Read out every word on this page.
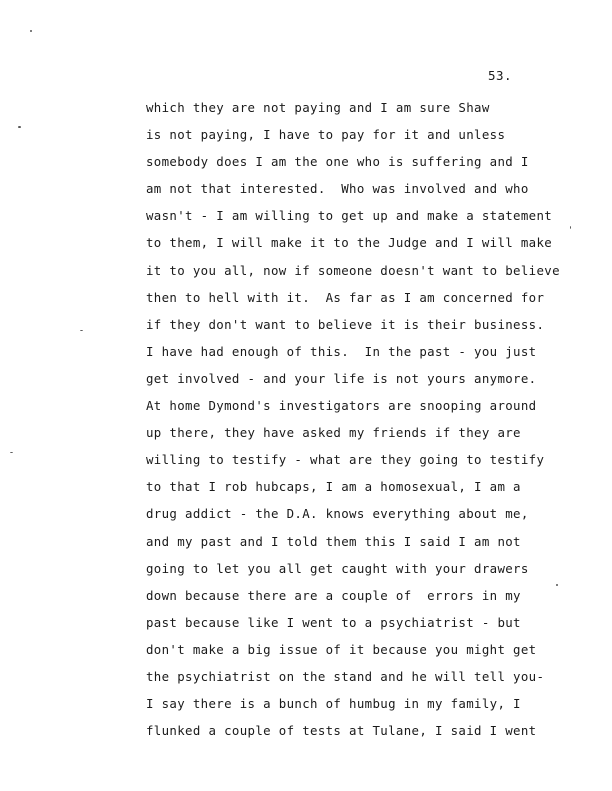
53.
which they are not paying and I am sure Shaw
is not paying, I have to pay for it and unless
somebody does I am the one who is suffering and I
am not that interested.  Who was involved and who
wasn't - I am willing to get up and make a statement
to them, I will make it to the Judge and I will make
it to you all, now if someone doesn't want to believe
then to hell with it.  As far as I am concerned for
if they don't want to believe it is their business.
I have had enough of this.  In the past - you just
get involved - and your life is not yours anymore.
At home Dymond's investigators are snooping around
up there, they have asked my friends if they are
willing to testify - what are they going to testify
to that I rob hubcaps, I am a homosexual, I am a
drug addict - the D.A. knows everything about me,
and my past and I told them this I said I am not
going to let you all get caught with your drawers
down because there are a couple of  errors in my
past because like I went to a psychiatrist - but
don't make a big issue of it because you might get
the psychiatrist on the stand and he will tell you-
I say there is a bunch of humbug in my family, I
flunked a couple of tests at Tulane, I said I went
